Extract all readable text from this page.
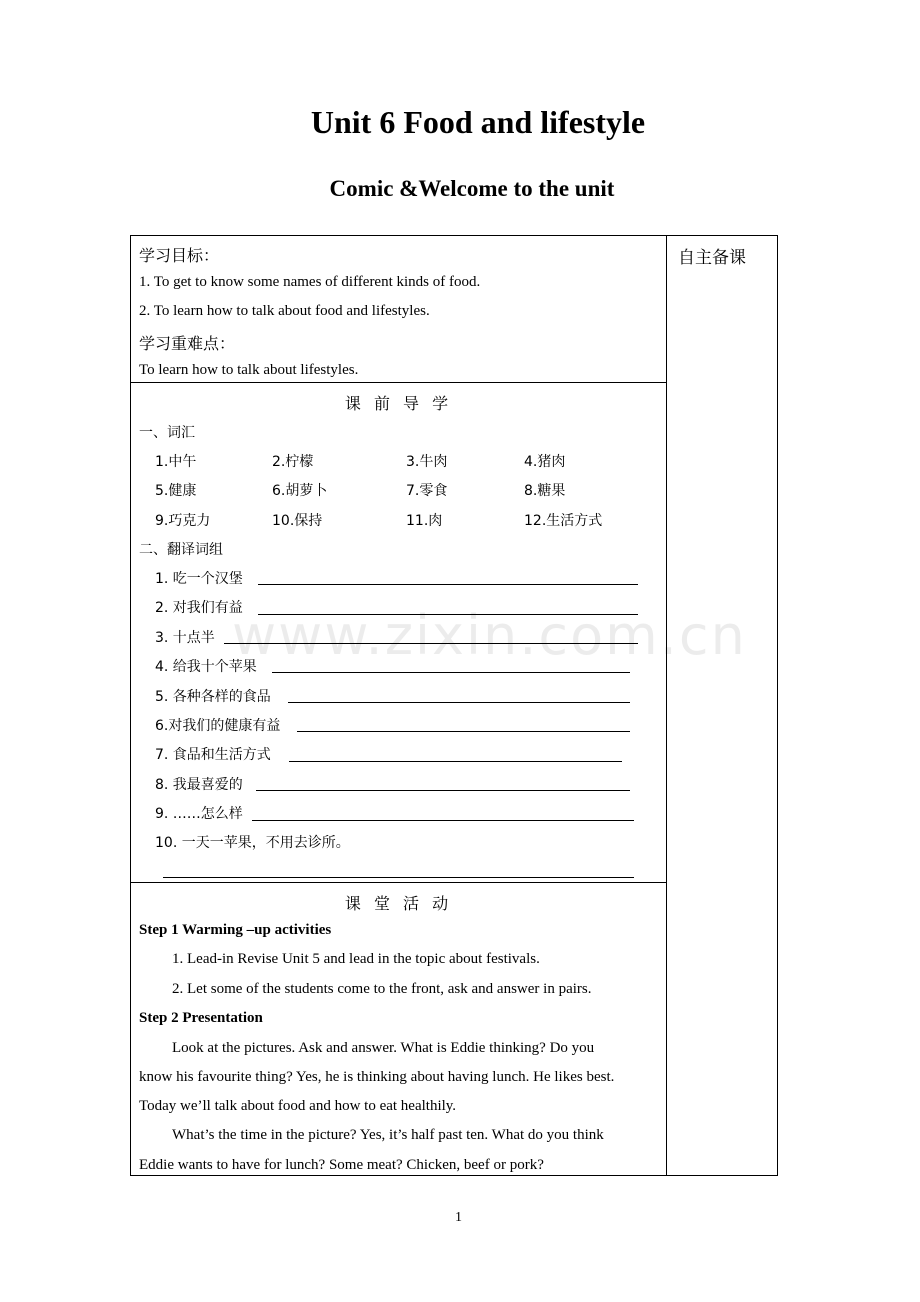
Unit 6 Food and lifestyle
Comic &Welcome to the unit
自主备课
学习目标：
1. To get to know some names of different kinds of food.
2. To learn how to talk about food and lifestyles.
学习重难点：
To learn how to talk about lifestyles.
课 前 导 学
一、词汇
1.中午	2.柠檬	3.牛肉	4.猪肉
5.健康	6.胡萝卜	7.零食	8.糖果
9.巧克力	10.保持	11.肉	12.生活方式
二、翻译词组
1. 吃一个汉堡
2. 对我们有益
3. 十点半
4. 给我十个苹果
5. 各种各样的食品
6.对我们的健康有益
7. 食品和生活方式
8. 我最喜爱的
9. ……怎么样
10. 一天一苹果，不用去诊所。
课 堂 活 动
Step 1 Warming –up activities
1. Lead-in Revise Unit 5 and lead in the topic about festivals.
2. Let some of the students come to the front, ask and answer in pairs.
Step 2 Presentation
Look at the pictures. Ask and answer. What is Eddie thinking? Do you
know his favourite thing? Yes, he is thinking about having lunch. He likes best.
Today we’ll talk about food and how to eat healthily.
What’s the time in the picture? Yes, it’s half past ten. What do you think
Eddie wants to have for lunch? Some meat? Chicken, beef or pork?
www.zixin.com.cn
1
